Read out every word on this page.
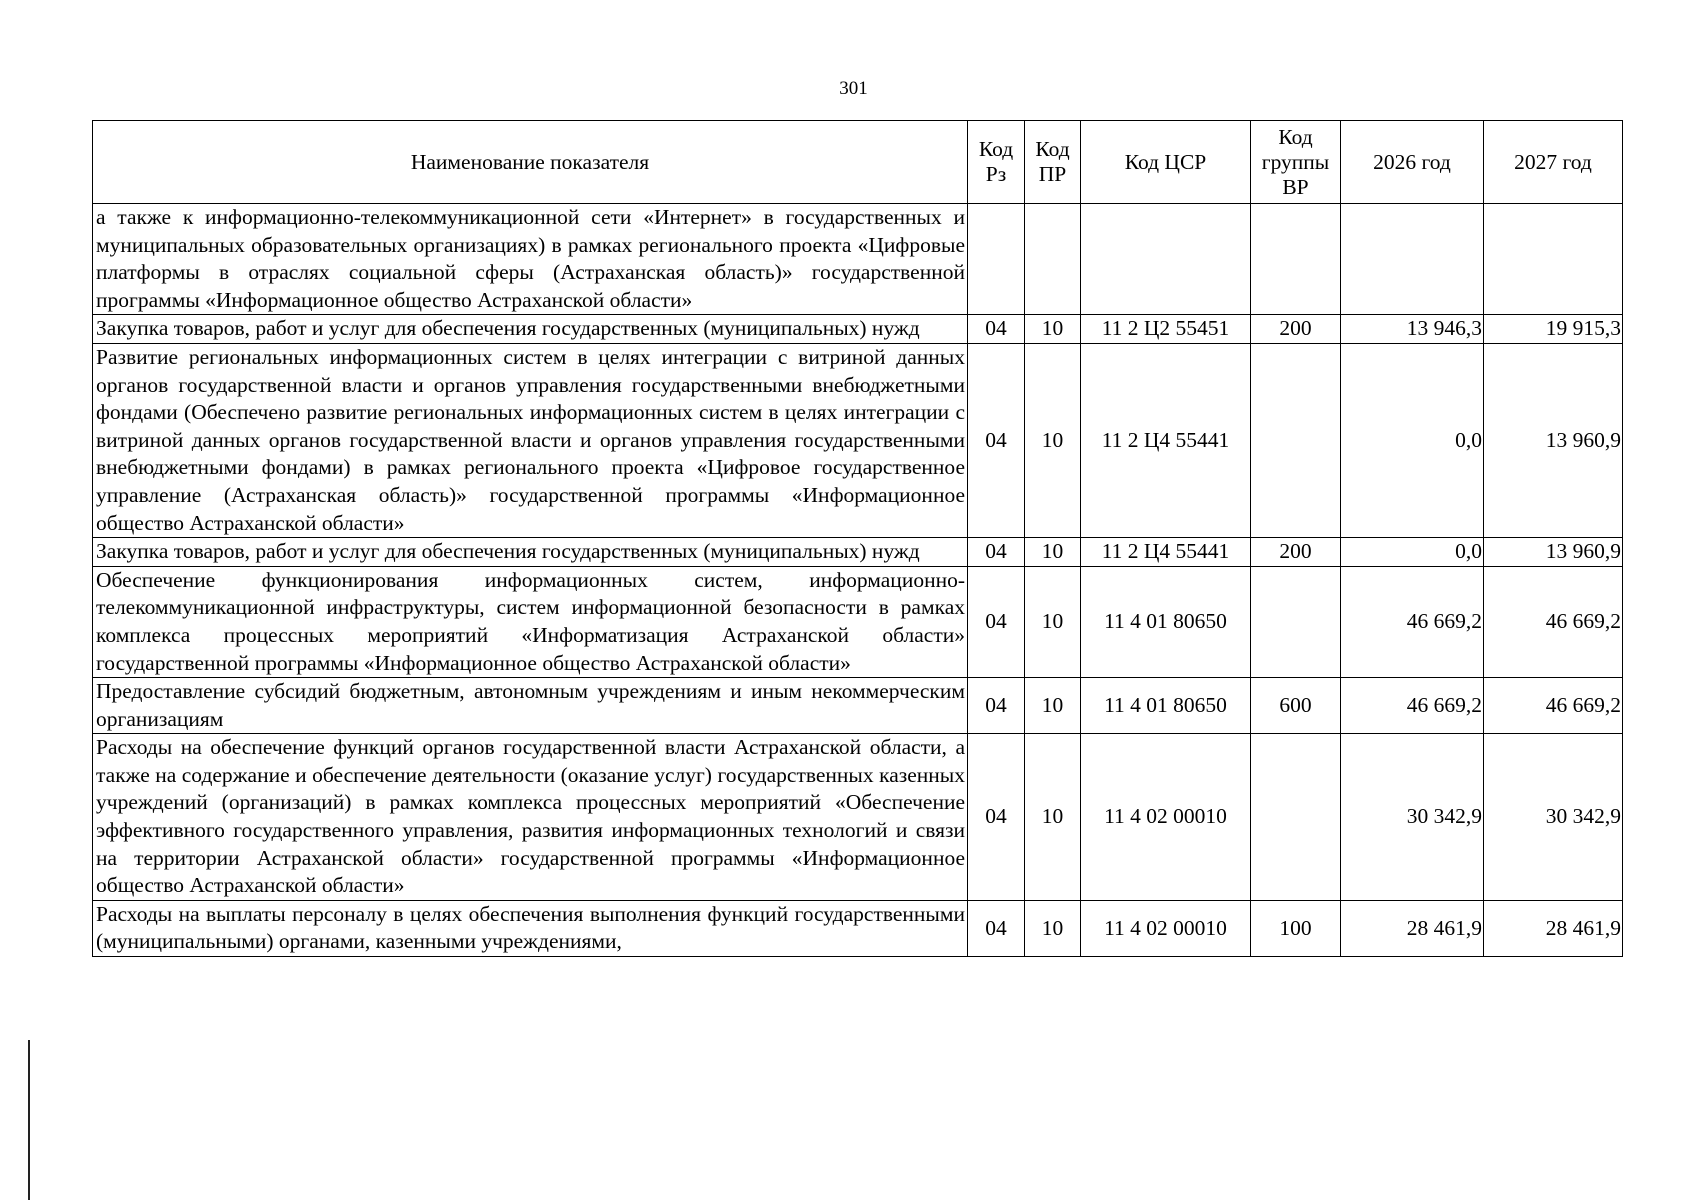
301
Наименование показателя	Код Рз	Код ПР	Код ЦСР	Код группы ВР	2026 год	2027 год
а также к информационно-телекоммуникационной сети «Интернет» в государственных и муниципальных образовательных организациях) в рамках регионального проекта «Цифровые платформы в отраслях социальной сферы (Астраханская область)» государственной программы «Информационное общество Астраханской области»						
Закупка товаров, работ и услуг для обеспечения государственных (муниципальных) нужд	04	10	11 2 Ц2 55451	200	13 946,3	19 915,3
Развитие региональных информационных систем в целях интеграции с витриной данных органов государственной власти и органов управления государственными внебюджетными фондами (Обеспечено развитие региональных информационных систем в целях интеграции с витриной данных органов государственной власти и органов управления государственными внебюджетными фондами) в рамках регионального проекта «Цифровое государственное управление (Астраханская область)» государственной программы «Информационное общество Астраханской области»	04	10	11 2 Ц4 55441		0,0	13 960,9
Закупка товаров, работ и услуг для обеспечения государственных (муниципальных) нужд	04	10	11 2 Ц4 55441	200	0,0	13 960,9
Обеспечение функционирования информационных систем, информационно-телекоммуникационной инфраструктуры, систем информационной безопасности в рамках комплекса процессных мероприятий «Информатизация Астраханской области» государственной программы «Информационное общество Астраханской области»	04	10	11 4 01 80650		46 669,2	46 669,2
Предоставление субсидий бюджетным, автономным учреждениям и иным некоммерческим организациям	04	10	11 4 01 80650	600	46 669,2	46 669,2
Расходы на обеспечение функций органов государственной власти Астраханской области, а также на содержание и обеспечение деятельности (оказание услуг) государственных казенных учреждений (организаций) в рамках комплекса процессных мероприятий «Обеспечение эффективного государственного управления, развития информационных технологий и связи на территории Астраханской области» государственной программы «Информационное общество Астраханской области»	04	10	11 4 02 00010		30 342,9	30 342,9
Расходы на выплаты персоналу в целях обеспечения выполнения функций государственными (муниципальными) органами, казенными учреждениями,	04	10	11 4 02 00010	100	28 461,9	28 461,9
